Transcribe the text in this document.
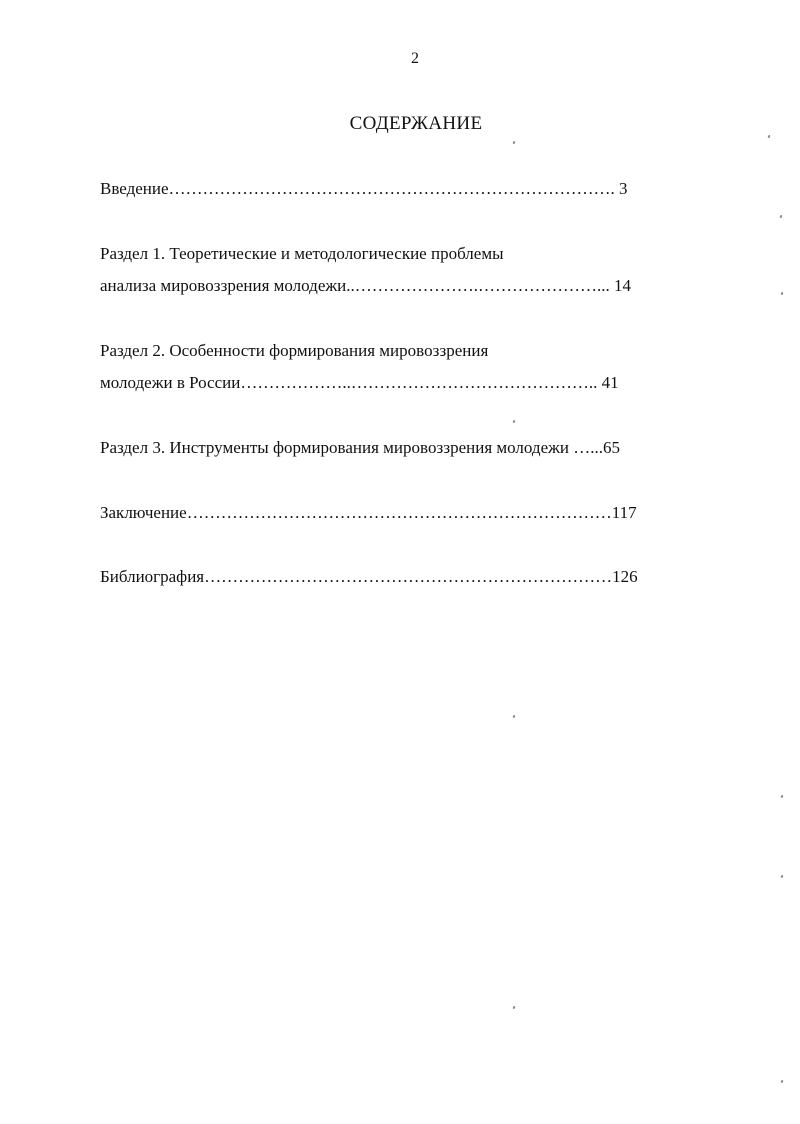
2
СОДЕРЖАНИЕ
Введение……………………………………………………………………. 3
Раздел 1. Теоретические и методологические проблемы
анализа мировоззрения молодежи..………………….…………………... 14
Раздел 2. Особенности формирования мировоззрения
молодежи в России………………..…………………………………….. 41
Раздел 3. Инструменты формирования мировоззрения молодежи …...65
Заключение…………………………………………………………………117
Библиография………………………………………………………………126
